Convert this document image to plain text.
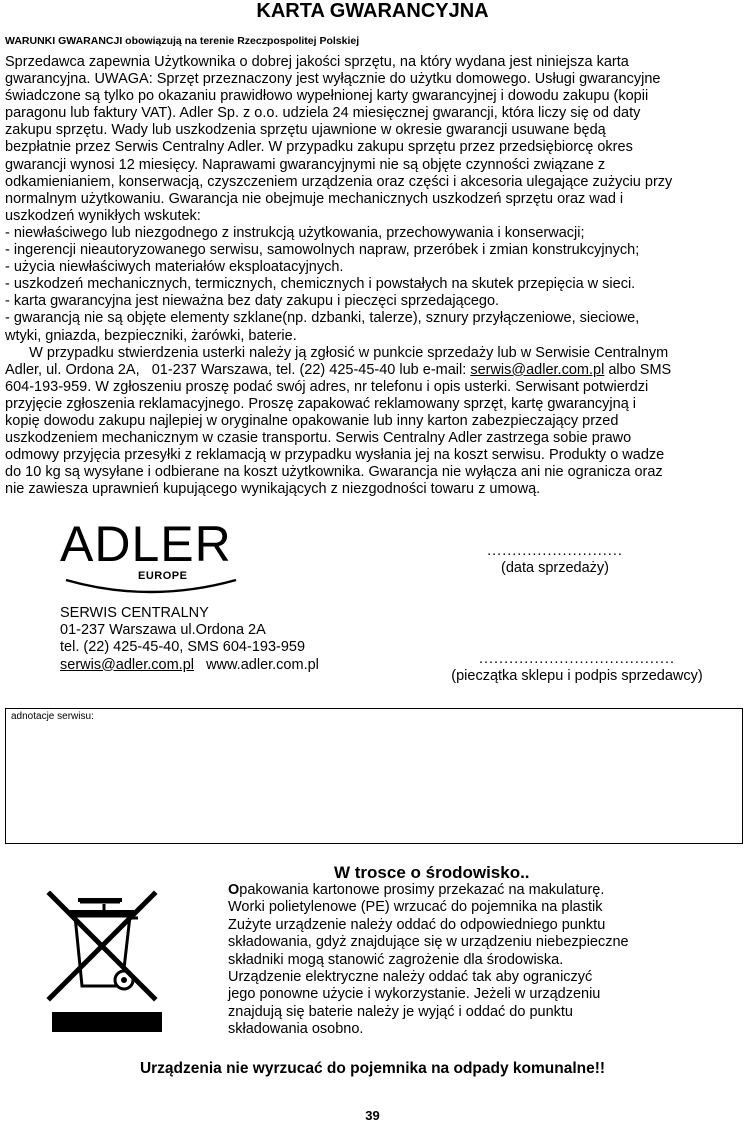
KARTA GWARANCYJNA
WARUNKI GWARANCJI obowiązują na terenie Rzeczpospolitej Polskiej

Sprzedawca zapewnia Użytkownika o dobrej jakości sprzętu, na który wydana jest niniejsza karta

gwarancyjna. UWAGA: Sprzęt przeznaczony jest wyłącznie do użytku domowego. Usługi gwarancyjne

świadczone są tylko po okazaniu prawidłowo wypełnionej karty gwarancyjnej i dowodu zakupu (kopii

paragonu lub faktury VAT). Adler Sp. z o.o. udziela 24 miesięcznej gwarancji, która liczy się od daty

zakupu sprzętu. Wady lub uszkodzenia sprzętu ujawnione w okresie gwarancji usuwane będą

bezpłatnie przez Serwis Centralny Adler. W przypadku zakupu sprzętu przez przedsiębiorcę okres

gwarancji wynosi 12 miesięcy. Naprawami gwarancyjnymi nie są objęte czynności związane z

odkamienianiem, konserwacją, czyszczeniem urządzenia oraz części i akcesoria ulegające zużyciu przy

normalnym użytkowaniu. Gwarancja nie obejmuje mechanicznych uszkodzeń sprzętu oraz wad i

uszkodzeń wynikłych wskutek:

- niewłaściwego lub niezgodnego z instrukcją użytkowania, przechowywania i konserwacji;

- ingerencji nieautoryzowanego serwisu, samowolnych napraw, przeróbek i zmian konstrukcyjnych;

- użycia niewłaściwych materiałów eksploatacyjnych.

- uszkodzeń mechanicznych, termicznych, chemicznych i powstałych na skutek przepięcia w sieci.

- karta gwarancyjna jest nieważna bez daty zakupu i pieczęci sprzedającego.

- gwarancją nie są objęte elementy szklane(np. dzbanki, talerze), sznury przyłączeniowe, sieciowe,

wtyki, gniazda, bezpieczniki, żarówki, baterie.

W przypadku stwierdzenia usterki należy ją zgłosić w punkcie sprzedaży lub w Serwisie Centralnym

Adler, ul. Ordona 2A,   01-237 Warszawa, tel. (22) 425-45-40 lub e-mail: serwis@adler.com.pl albo SMS

604-193-959. W zgłoszeniu proszę podać swój adres, nr telefonu i opis usterki. Serwisant potwierdzi

przyjęcie zgłoszenia reklamacyjnego. Proszę zapakować reklamowany sprzęt, kartę gwarancyjną i

kopię dowodu zakupu najlepiej w oryginalne opakowanie lub inny karton zabezpieczający przed

uszkodzeniem mechanicznym w czasie transportu. Serwis Centralny Adler zastrzega sobie prawo

odmowy przyjęcia przesyłki z reklamacją w przypadku wysłania jej na koszt serwisu. Produkty o wadze

do 10 kg są wysyłane i odbierane na koszt użytkownika. Gwarancja nie wyłącza ani nie ogranicza oraz

nie zawiesza uprawnień kupującego wynikających z niezgodności towaru z umową.

ADLER
EUROPE
...........................
(data sprzedaży)
SERWIS CENTRALNY
01-237 Warszawa ul.Ordona 2A
tel. (22) 425-45-40, SMS 604-193-959
serwis@adler.com.pl   www.adler.com.pl	.......................................
(pieczątka sklepu i podpis sprzedawcy)
adnotacje serwisu:
W trosce o środowisko..

Opakowania kartonowe prosimy przekazać na makulaturę.

Worki polietylenowe (PE) wrzucać do pojemnika na plastik

Zużyte urządzenie należy oddać do odpowiedniego punktu

składowania, gdyż znajdujące się w urządzeniu niebezpieczne

składniki mogą stanowić zagrożenie dla środowiska.

Urządzenie elektryczne należy oddać tak aby ograniczyć

jego ponowne użycie i wykorzystanie. Jeżeli w urządzeniu

znajdują się baterie należy je wyjąć i oddać do punktu

składowania osobno.

Urządzenia nie wyrzucać do pojemnika na odpady komunalne!!
39
